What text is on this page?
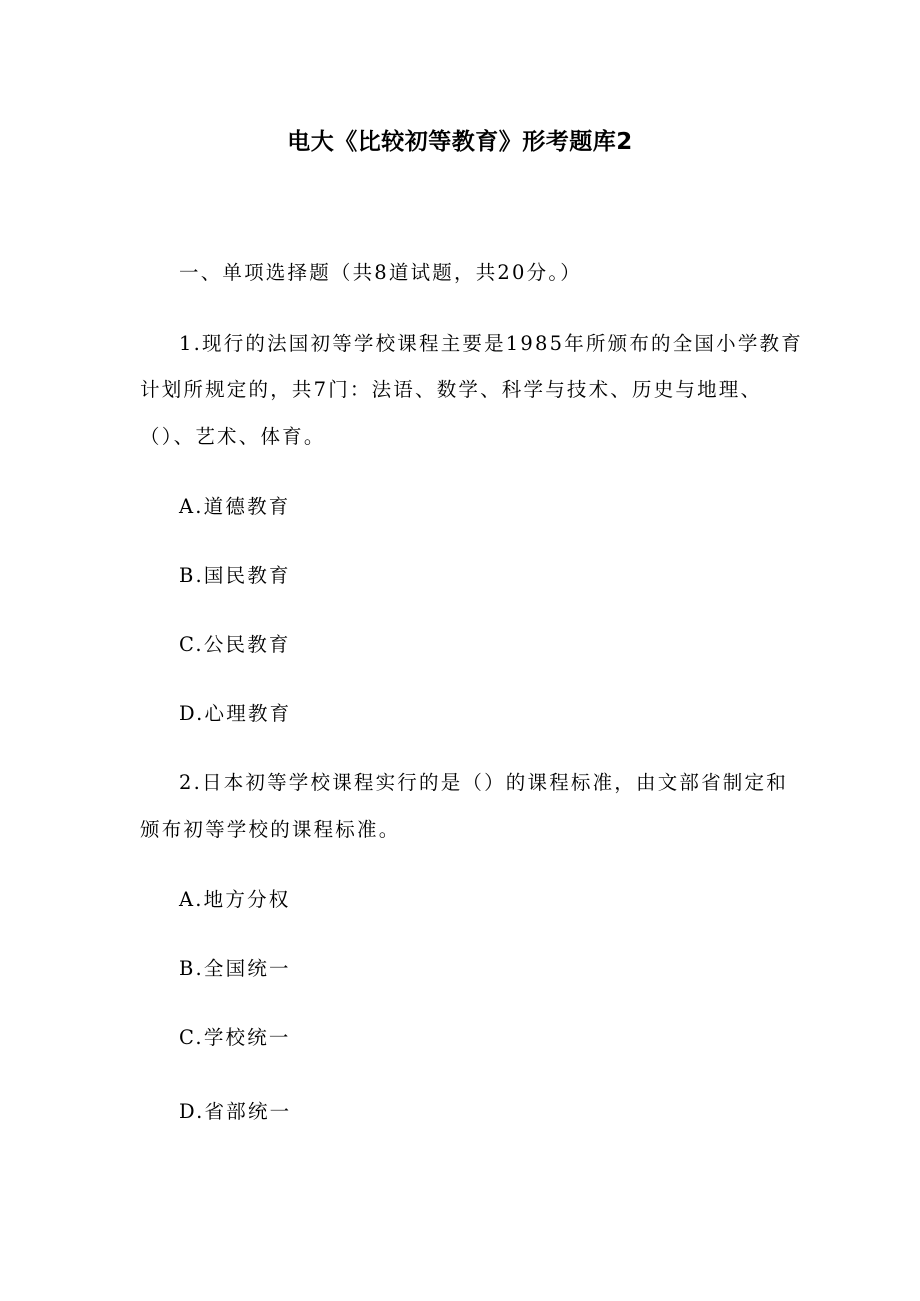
电大《比较初等教育》形考题库2
一、单项选择题（共8道试题，共20分。）
1.现行的法国初等学校课程主要是1985年所颁布的全国小学教育
计划所规定的，共7门：法语、数学、科学与技术、历史与地理、
（）、艺术、体育。
A.道德教育
B.国民教育
C.公民教育
D.心理教育
2.日本初等学校课程实行的是（）的课程标准，由文部省制定和
颁布初等学校的课程标准。
A.地方分权
B.全国统一
C.学校统一
D.省部统一
